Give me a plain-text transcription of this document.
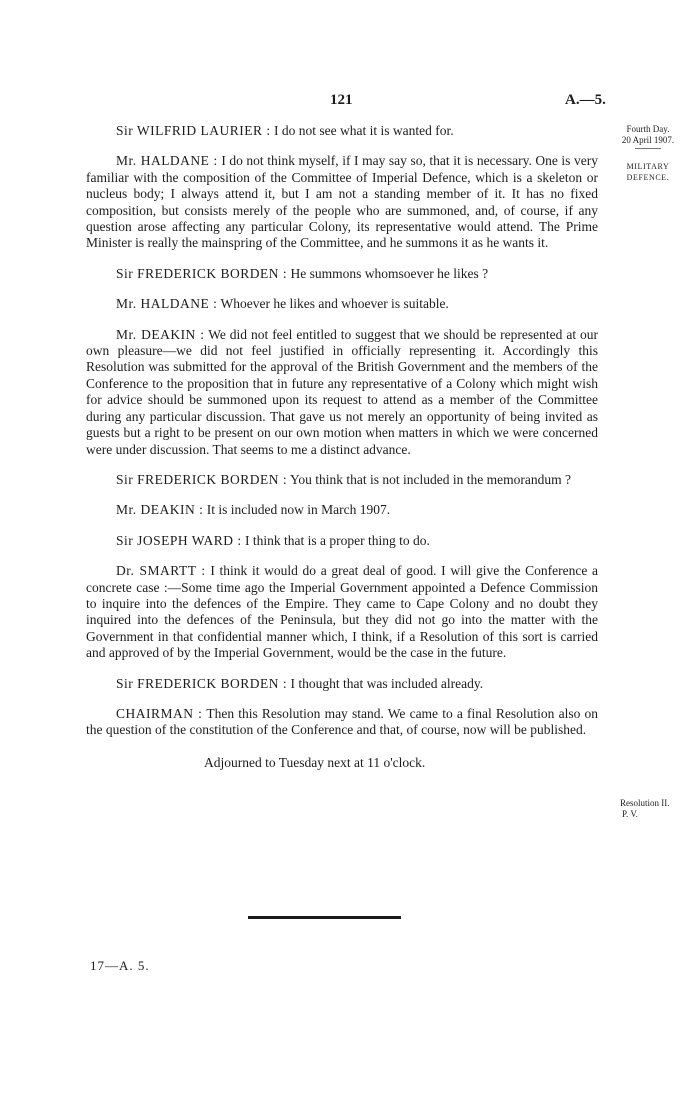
121	A.—5.
Fourth Day.
20 April 1907.
MILITARY
DEFENCE.
Resolution II.
P. V.

Sir WILFRID LAURIER : I do not see what it is wanted for.

Mr. HALDANE : I do not think myself, if I may say so, that it is necessary. One is very familiar with the composition of the Committee of Imperial Defence, which is a skeleton or nucleus body; I always attend it, but I am not a standing member of it. It has no fixed composition, but consists merely of the people who are summoned, and, of course, if any question arose affecting any particular Colony, its representative would attend. The Prime Minister is really the mainspring of the Committee, and he summons it as he wants it.

Sir FREDERICK BORDEN : He summons whomsoever he likes ?

Mr. HALDANE : Whoever he likes and whoever is suitable.

Mr. DEAKIN : We did not feel entitled to suggest that we should be represented at our own pleasure—we did not feel justified in officially representing it. Accordingly this Resolution was submitted for the approval of the British Government and the members of the Conference to the proposition that in future any representative of a Colony which might wish for advice should be summoned upon its request to attend as a member of the Committee during any particular discussion. That gave us not merely an opportunity of being invited as guests but a right to be present on our own motion when matters in which we were concerned were under discussion. That seems to me a distinct advance.

Sir FREDERICK BORDEN : You think that is not included in the memorandum ?

Mr. DEAKIN : It is included now in March 1907.

Sir JOSEPH WARD : I think that is a proper thing to do.

Dr. SMARTT : I think it would do a great deal of good. I will give the Conference a concrete case :—Some time ago the Imperial Government appointed a Defence Commission to inquire into the defences of the Empire. They came to Cape Colony and no doubt they inquired into the defences of the Peninsula, but they did not go into the matter with the Government in that confidential manner which, I think, if a Resolution of this sort is carried and approved of by the Imperial Government, would be the case in the future.

Sir FREDERICK BORDEN : I thought that was included already.

CHAIRMAN : Then this Resolution may stand. We came to a final Resolution also on the question of the constitution of the Conference and that, of course, now will be published.

Adjourned to Tuesday next at 11 o'clock.

17—A. 5.
